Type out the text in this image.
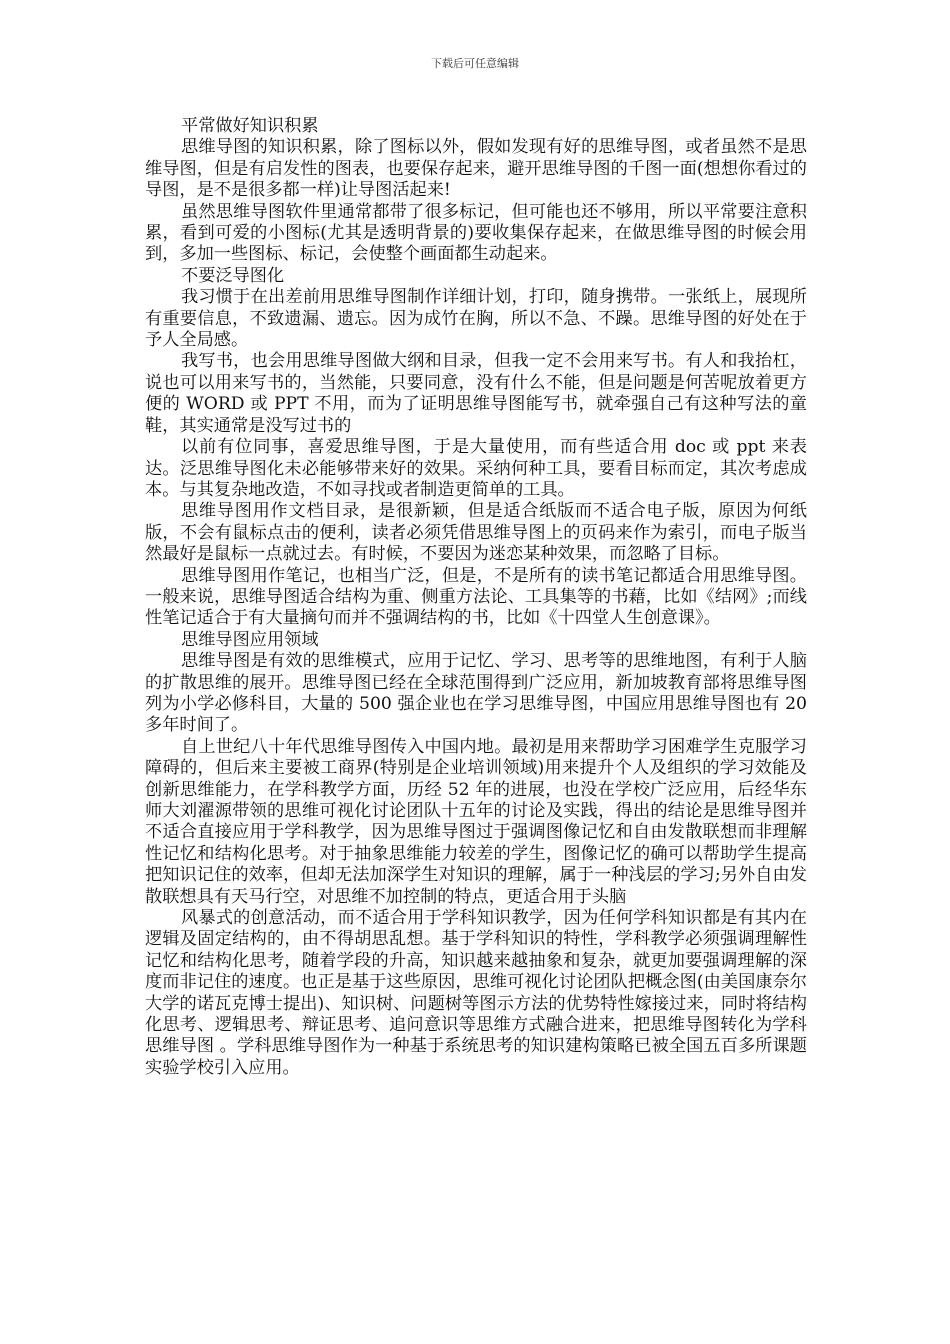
下载后可任意编辑

平常做好知识积累

思维导图的知识积累，除了图标以外，假如发现有好的思维导图，或者虽然不是思维导图，但是有启发性的图表，也要保存起来，避开思维导图的千图一面(想想你看过的导图，是不是很多都一样)让导图活起来!

虽然思维导图软件里通常都带了很多标记，但可能也还不够用，所以平常要注意积累，看到可爱的小图标(尤其是透明背景的)要收集保存起来，在做思维导图的时候会用到，多加一些图标、标记，会使整个画面都生动起来。

不要泛导图化

我习惯于在出差前用思维导图制作详细计划，打印，随身携带。一张纸上，展现所有重要信息，不致遗漏、遗忘。因为成竹在胸，所以不急、不躁。思维导图的好处在于予人全局感。

我写书，也会用思维导图做大纲和目录，但我一定不会用来写书。有人和我抬杠，说也可以用来写书的，当然能，只要同意，没有什么不能，但是问题是何苦呢放着更方便的 WORD 或 PPT 不用，而为了证明思维导图能写书，就牵强自己有这种写法的童鞋，其实通常是没写过书的

以前有位同事，喜爱思维导图，于是大量使用，而有些适合用 doc 或 ppt 来表达。泛思维导图化未必能够带来好的效果。采纳何种工具，要看目标而定，其次考虑成本。与其复杂地改造，不如寻找或者制造更简单的工具。

思维导图用作文档目录，是很新颖，但是适合纸版而不适合电子版，原因为何纸版，不会有鼠标点击的便利，读者必须凭借思维导图上的页码来作为索引，而电子版当然最好是鼠标一点就过去。有时候，不要因为迷恋某种效果，而忽略了目标。

思维导图用作笔记，也相当广泛，但是，不是所有的读书笔记都适合用思维导图。一般来说，思维导图适合结构为重、侧重方法论、工具集等的书藉，比如《结网》;而线性笔记适合于有大量摘句而并不强调结构的书，比如《十四堂人生创意课》。

思维导图应用领域

思维导图是有效的思维模式，应用于记忆、学习、思考等的思维地图，有利于人脑的扩散思维的展开。思维导图已经在全球范围得到广泛应用，新加坡教育部将思维导图列为小学必修科目，大量的 500 强企业也在学习思维导图，中国应用思维导图也有 20 多年时间了。

自上世纪八十年代思维导图传入中国内地。最初是用来帮助学习困难学生克服学习障碍的，但后来主要被工商界(特别是企业培训领域)用来提升个人及组织的学习效能及创新思维能力，在学科教学方面，历经 52 年的进展，也没在学校广泛应用，后经华东师大刘濯源带领的思维可视化讨论团队十五年的讨论及实践，得出的结论是思维导图并不适合直接应用于学科教学，因为思维导图过于强调图像记忆和自由发散联想而非理解性记忆和结构化思考。对于抽象思维能力较差的学生，图像记忆的确可以帮助学生提高把知识记住的效率，但却无法加深学生对知识的理解，属于一种浅层的学习;另外自由发散联想具有天马行空，对思维不加控制的特点，更适合用于头脑

风暴式的创意活动，而不适合用于学科知识教学，因为任何学科知识都是有其内在逻辑及固定结构的，由不得胡思乱想。基于学科知识的特性，学科教学必须强调理解性记忆和结构化思考，随着学段的升高，知识越来越抽象和复杂，就更加要强调理解的深度而非记住的速度。也正是基于这些原因，思维可视化讨论团队把概念图(由美国康奈尔大学的诺瓦克博士提出)、知识树、问题树等图示方法的优势特性嫁接过来，同时将结构化思考、逻辑思考、辩证思考、追问意识等思维方式融合进来，把思维导图转化为学科思维导图 。学科思维导图作为一种基于系统思考的知识建构策略已被全国五百多所课题实验学校引入应用。
